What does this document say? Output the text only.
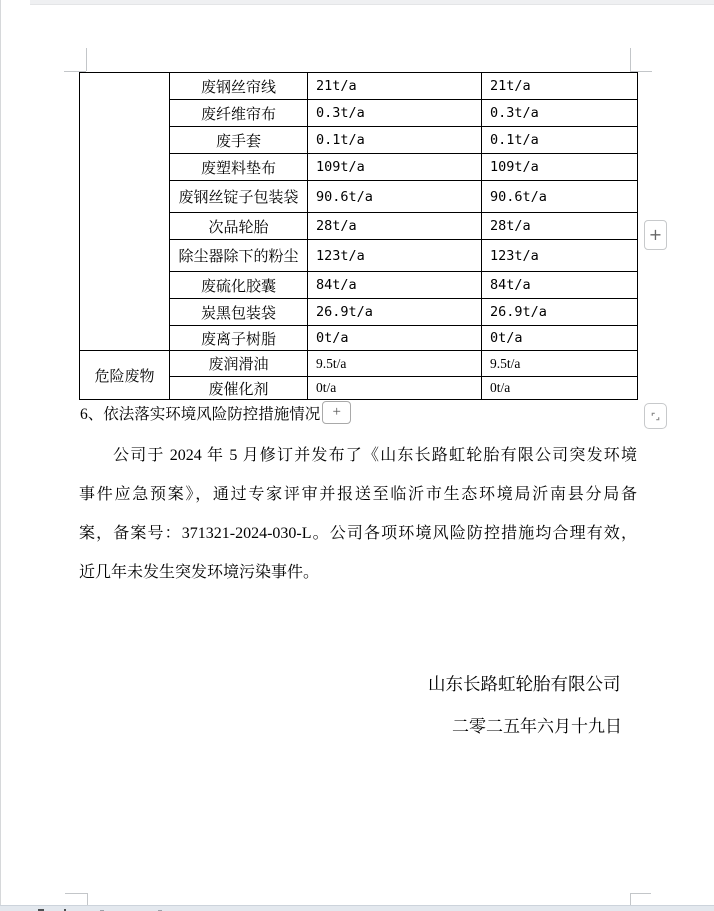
	废钢丝帘线	21t/a	21t/a
	废纤维帘布	0.3t/a	0.3t/a
	废手套	0.1t/a	0.1t/a
	废塑料垫布	109t/a	109t/a
	废钢丝锭子包装袋	90.6t/a	90.6t/a
	次品轮胎	28t/a	28t/a
	除尘器除下的粉尘	123t/a	123t/a
	废硫化胶囊	84t/a	84t/a
	炭黑包装袋	26.9t/a	26.9t/a
	废离子树脂	0t/a	0t/a
危险废物	废润滑油	9.5t/a	9.5t/a
	废催化剂	0t/a	0t/a
6、依法落实环境风险防控措施情况 +
公司于 2024 年 5 月修订并发布了《山东长路虹轮胎有限公司突发环境
事件应急预案》，通过专家评审并报送至临沂市生态环境局沂南县分局备
案，备案号：371321-2024-030-L。公司各项环境风险防控措施均合理有效，
近几年未发生突发环境污染事件。
山东长路虹轮胎有限公司
二零二五年六月十九日
+
